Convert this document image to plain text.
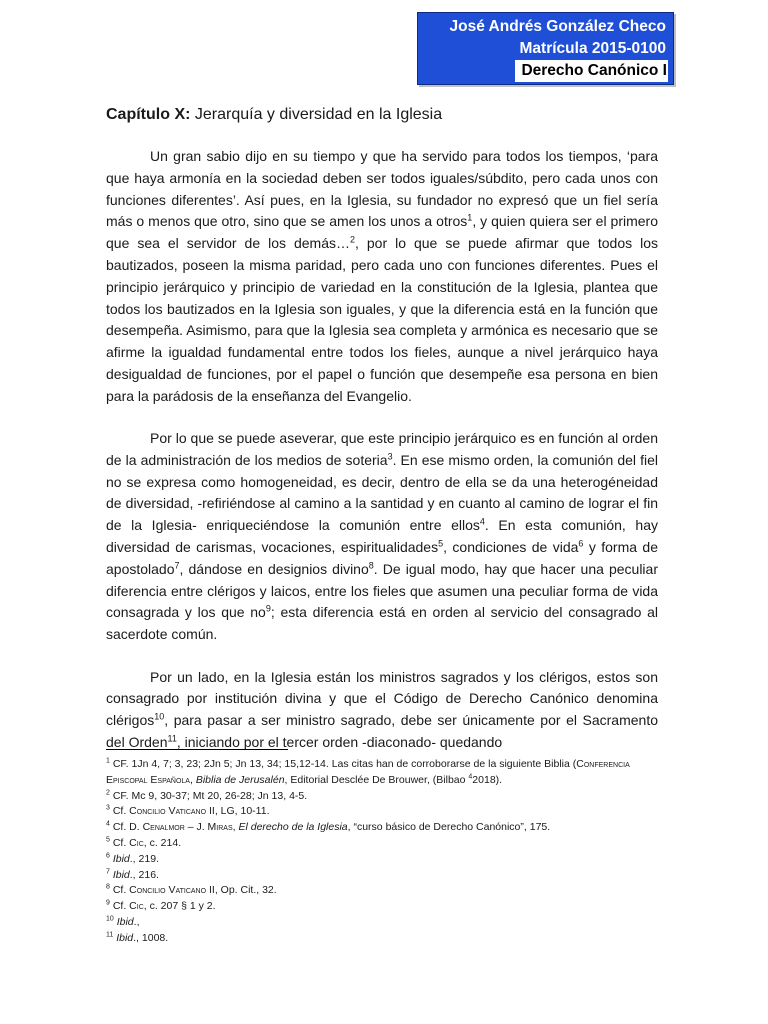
José Andrés González Checo
Matrícula 2015-0100
Derecho Canónico I
Capítulo X: Jerarquía y diversidad en la Iglesia

Un gran sabio dijo en su tiempo y que ha servido para todos los tiempos, ‘para que haya armonía en la sociedad deben ser todos iguales/súbdito, pero cada unos con funciones diferentes’. Así pues, en la Iglesia, su fundador no expresó que un fiel sería más o menos que otro, sino que se amen los unos a otros$^1$, y quien quiera ser el primero que sea el servidor de los demás…$^2$, por lo que se puede afirmar que todos los bautizados, poseen la misma paridad, pero cada uno con funciones diferentes. Pues el principio jerárquico y principio de variedad en la constitución de la Iglesia, plantea que todos los bautizados en la Iglesia son iguales, y que la diferencia está en la función que desempeña. Asimismo, para que la Iglesia sea completa y armónica es necesario que se afirme la igualdad fundamental entre todos los fieles, aunque a nivel jerárquico haya desigualdad de funciones, por el papel o función que desempeñe esa persona en bien para la parádosis de la enseñanza del Evangelio.

Por lo que se puede aseverar, que este principio jerárquico es en función al orden de la administración de los medios de soteria$^3$. En ese mismo orden, la comunión del fiel no se expresa como homogeneidad, es decir, dentro de ella se da una heterogéneidad de diversidad, -refiriéndose al camino a la santidad y en cuanto al camino de lograr el fin de la Iglesia- enriqueciéndose la comunión entre ellos$^4$. En esta comunión, hay diversidad de carismas, vocaciones, espiritualidades$^5$, condiciones de vida$^6$ y forma de apostolado$^7$, dándose en designios divino$^8$. De igual modo, hay que hacer una peculiar diferencia entre clérigos y laicos, entre los fieles que asumen una peculiar forma de vida consagrada y los que $no^9$; esta diferencia está en orden al servicio del consagrado al sacerdote común.

Por un lado, en la Iglesia están los ministros sagrados y los clérigos, estos son consagrado por institución divina y que el Código de Derecho Canónico denomina clérigos$^{10}$, para pasar a ser ministro sagrado, debe ser únicamente por el Sacramento del Orden$^{11}$, iniciando por el tercer orden -diaconado- quedando

$^1$ CF. 1Jn 4, 7; 3, 23; 2Jn 5; Jn 13, 34; 15,12-14. Las citas han de corroborarse de la siguiente Biblia (Conferencia Episcopal Española, Biblia de Jerusalén, Editorial Desclée De Brouwer, (Bilbao $^4$2018).
$^2$ CF. Mc 9, 30-37; Mt 20, 26-28; Jn 13, 4-5.
$^3$ Cf. Concilio Vaticano II, LG, 10-11.
$^4$ Cf. D. Cenalmor – J. Miras, El derecho de la Iglesia, “curso básico de Derecho Canónico”, 175.
$^5$ Cf. Cic, c. 214.
$^6$ Ibid., 219.
$^7$ Ibid., 216.
$^8$ Cf. Concilio Vaticano II, Op. Cit., 32.
$^9$ Cf. Cic, c. 207 § 1 y 2.
$^{10}$ Ibid.,
$^{11}$ Ibid., 1008.
